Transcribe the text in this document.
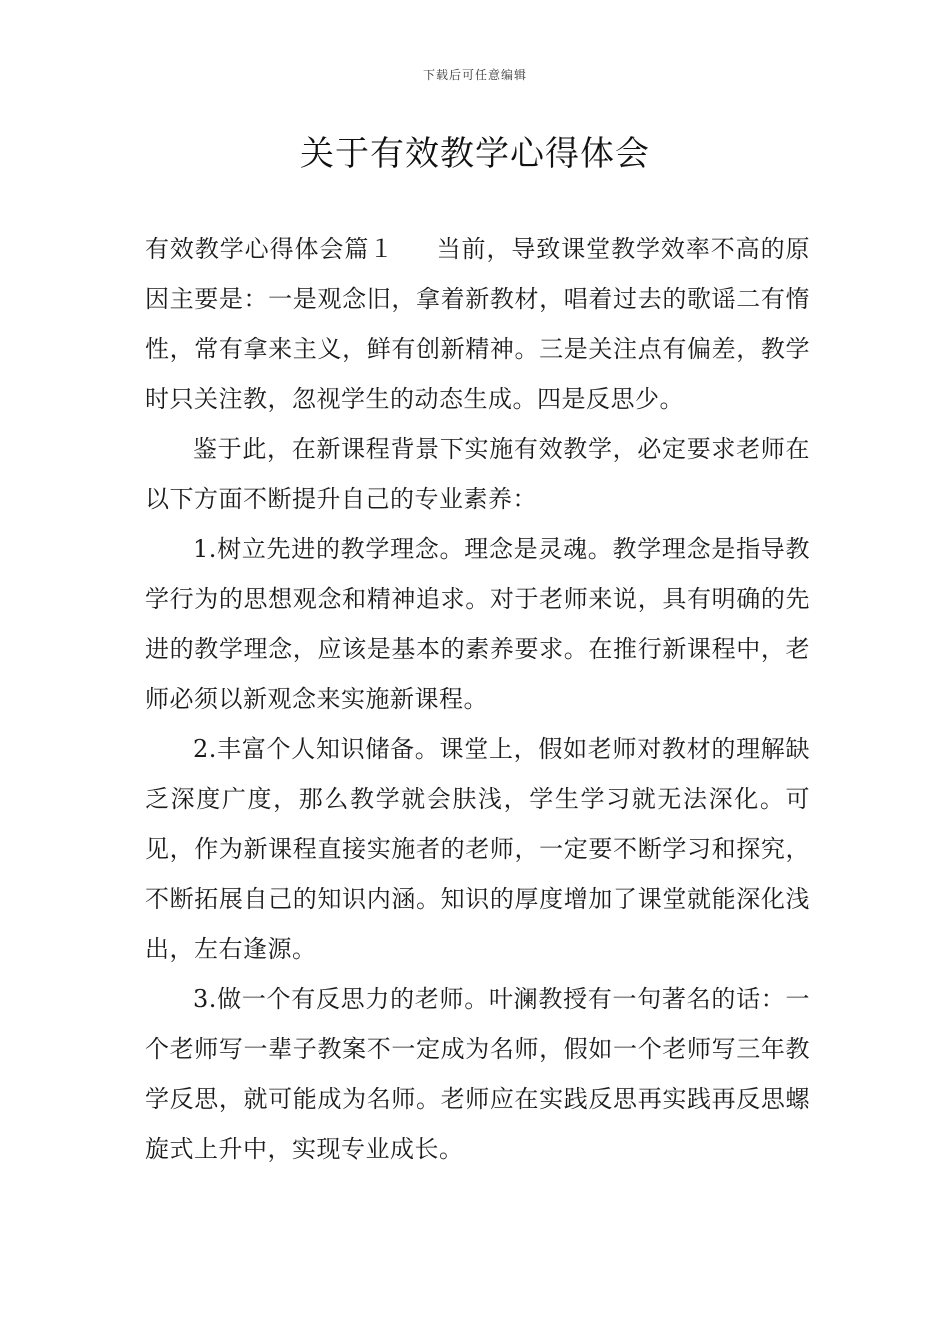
下载后可任意编辑
关于有效教学心得体会

有效教学心得体会篇１ 当前，导致课堂教学效率不高的原因主要是：一是观念旧，拿着新教材，唱着过去的歌谣二有惰性，常有拿来主义，鲜有创新精神。三是关注点有偏差，教学时只关注教，忽视学生的动态生成。四是反思少。

鉴于此，在新课程背景下实施有效教学，必定要求老师在以下方面不断提升自己的专业素养：

1.树立先进的教学理念。理念是灵魂。教学理念是指导教学行为的思想观念和精神追求。对于老师来说，具有明确的先进的教学理念，应该是基本的素养要求。在推行新课程中，老师必须以新观念来实施新课程。

2.丰富个人知识储备。课堂上，假如老师对教材的理解缺乏深度广度，那么教学就会肤浅，学生学习就无法深化。可见，作为新课程直接实施者的老师，一定要不断学习和探究，不断拓展自己的知识内涵。知识的厚度增加了课堂就能深化浅出，左右逢源。

3.做一个有反思力的老师。叶澜教授有一句著名的话：一个老师写一辈子教案不一定成为名师，假如一个老师写三年教学反思，就可能成为名师。老师应在实践反思再实践再反思螺旋式上升中，实现专业成长。
